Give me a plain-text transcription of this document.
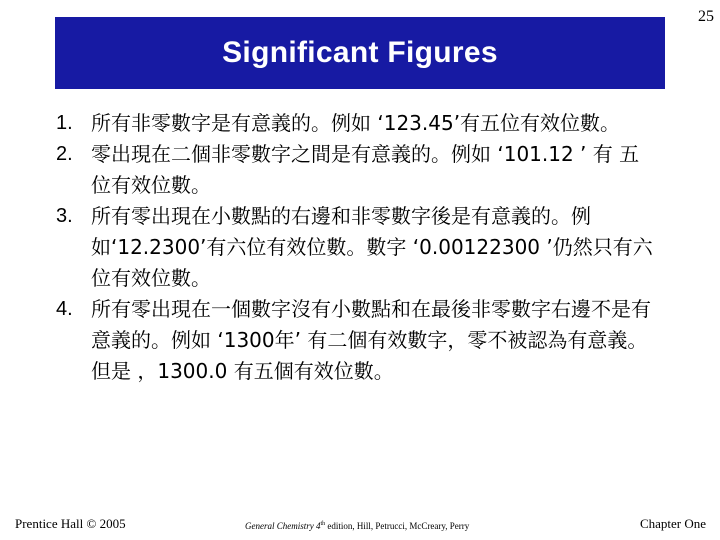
25
Significant Figures
1. 所有非零數字是有意義的。例如 ‘123.45’有五位有效位數。
2. 零出現在二個非零數字之間是有意義的。例如 ‘101.12 ’ 有 五位有效位數。
3. 所有零出現在小數點的右邊和非零數字後是有意義的。例如‘12.2300’有六位有效位數。數字 ‘0.00122300 ’仍然只有六位有效位數。
4. 所有零出現在一個數字沒有小數點和在最後非零數字右邊不是有意義的。例如 ‘1300年’ 有二個有效數字，零不被認為有意義。但是 ，1300.0 有五個有效位數。
Prentice Hall © 2005	General Chemistry 4th edition, Hill, Petrucci, McCreary, Perry	Chapter One
